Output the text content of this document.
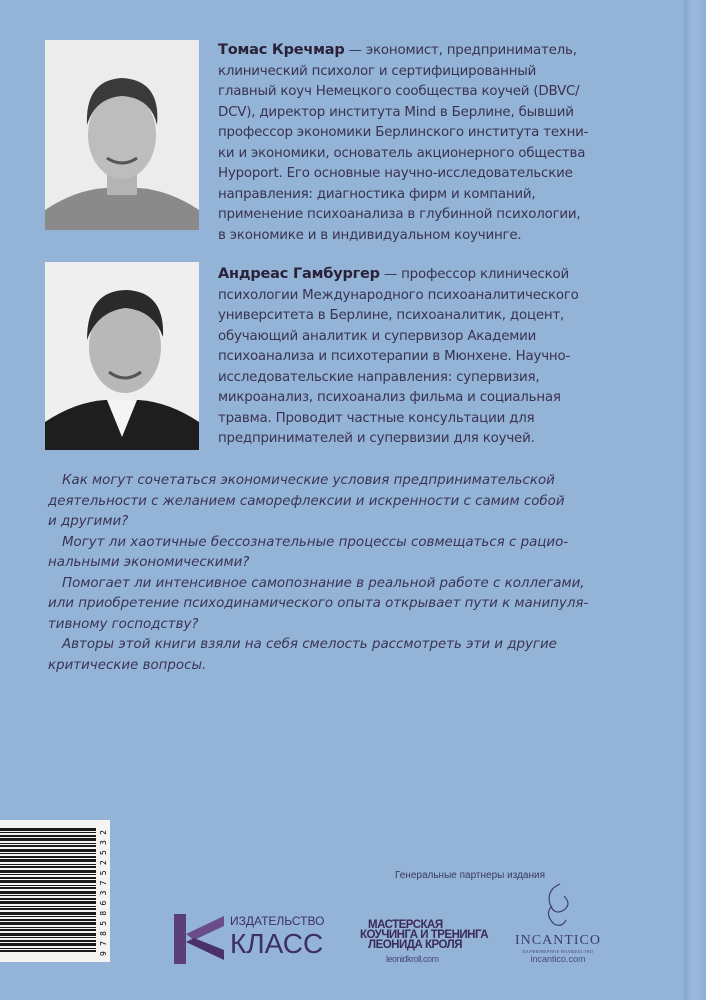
Томас Кречмар — экономист, предприниматель,
клинический психолог и сертифицированный
главный коуч Немецкого сообщества коучей (DBVC/
DCV), директор института Mind в Берлине, бывший
профессор экономики Берлинского института техни-
ки и экономики, основатель акционерного общества
Hypoport. Его основные научно-исследовательские
направления: диагностика фирм и компаний,
применение психоанализа в глубинной психологии,
в экономике и в индивидуальном коучинге.
Андреас Гамбургер — профессор клинической
психологии Международного психоаналитического
университета в Берлине, психоаналитик, доцент,
обучающий аналитик и супервизор Академии
психоанализа и психотерапии в Мюнхене. Научно-
исследовательские направления: супервизия,
микроанализ, психоанализ фильма и социальная
травма. Проводит частные консультации для
предпринимателей и супервизии для коучей.
Как могут сочетаться экономические условия предпринимательской
деятельности с желанием саморефлексии и искренности с самим собой
и другими?
Могут ли хаотичные бессознательные процессы совмещаться с рацио-
нальными экономическими?
Помогает ли интенсивное самопознание в реальной работе с коллегами,
или приобретение психодинамического опыта открывает пути к манипуля-
тивному господству?
Авторы этой книги взяли на себя смелость рассмотреть эти и другие
критические вопросы.
9785863752532
Генеральные партнеры издания
ИЗДАТЕЛЬСТВО
КЛАСС
МАСТЕРСКАЯ
КОУЧИНГА И ТРЕНИНГА
ЛЕОНИДА КРОЛЯ
leonidkroll.com
INCANTICO
ПАРФЮМЕРНОЕ ВОЛШЕБСТВО
incantico.com
